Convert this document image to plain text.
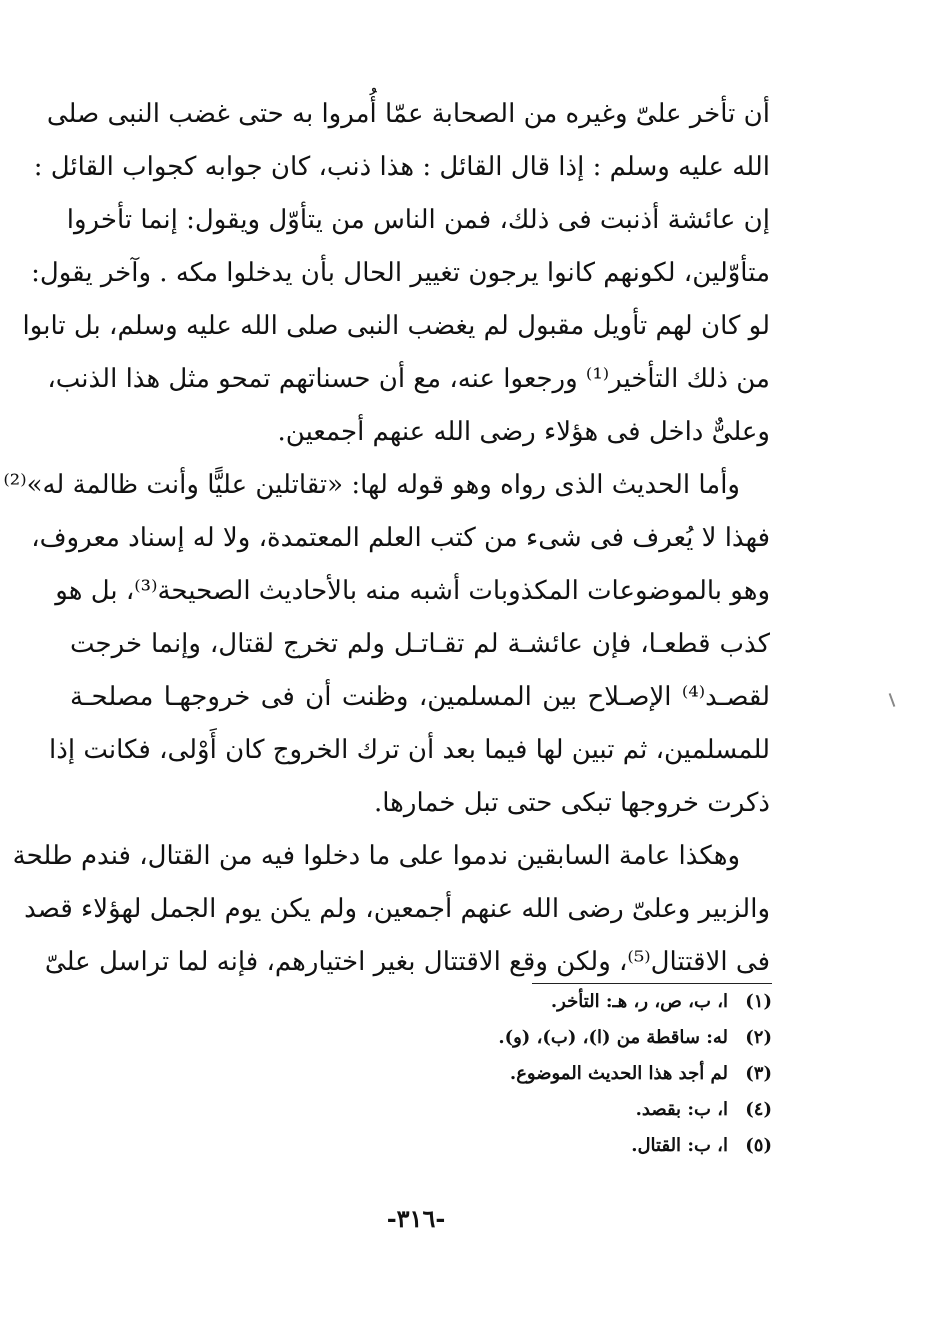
أن تأخر علىّ وغيره من الصحابة عمّا أُمروا به حتى غضب النبى صلى
الله عليه وسلم : إذا قال القائل : هذا ذنب، كان جوابه كجواب القائل :
إن عائشة أذنبت فى ذلك، فمن الناس من يتأوّل ويقول: إنما تأخروا
متأوّلين، لكونهم كانوا يرجون تغيير الحال بأن يدخلوا مكه . وآخر يقول:
لو كان لهم تأويل مقبول لم يغضب النبى صلى الله عليه وسلم، بل تابوا
من ذلك التأخير⁽¹⁾ ورجعوا عنه، مع أن حسناتهم تمحو مثل هذا الذنب،
وعلىٌّ داخل فى هؤلاء رضى الله عنهم أجمعين.
وأما الحديث الذى رواه وهو قوله لها: «تقاتلين عليًّا وأنت ظالمة له»⁽²⁾
فهذا لا يُعرف فى شىء من كتب العلم المعتمدة، ولا له إسناد معروف،
وهو بالموضوعات المكذوبات أشبه منه بالأحاديث الصحيحة⁽³⁾، بل هو
كذب قطعـا، فإن عائشـة لم تقـاتـل ولم تخرج لقتال، وإنما خرجت
لقصـد⁽⁴⁾ الإصـلاح بين المسلمين، وظنت أن فى خروجهـا مصلحـة
للمسلمين، ثم تبين لها فيما بعد أن ترك الخروج كان أَوْلى، فكانت إذا
ذكرت خروجها تبكى حتى تبل خمارها.
وهكذا عامة السابقين ندموا على ما دخلوا فيه من القتال، فندم طلحة
والزبير وعلىّ رضى الله عنهم أجمعين، ولم يكن يوم الجمل لهؤلاء قصد
فى الاقتتال⁽⁵⁾، ولكن وقع الاقتتال بغير اختيارهم، فإنه لما تراسل علىّ
(١)
ا، ب، ص، ر، هـ: التأخر.
(٢)
له: ساقطة من (ا)، (ب)، (و).
(٣)
لم أجد هذا الحديث الموضوع.
(٤)
ا، ب: بقصد.
(٥)
ا، ب: القتال.
-٣١٦-
